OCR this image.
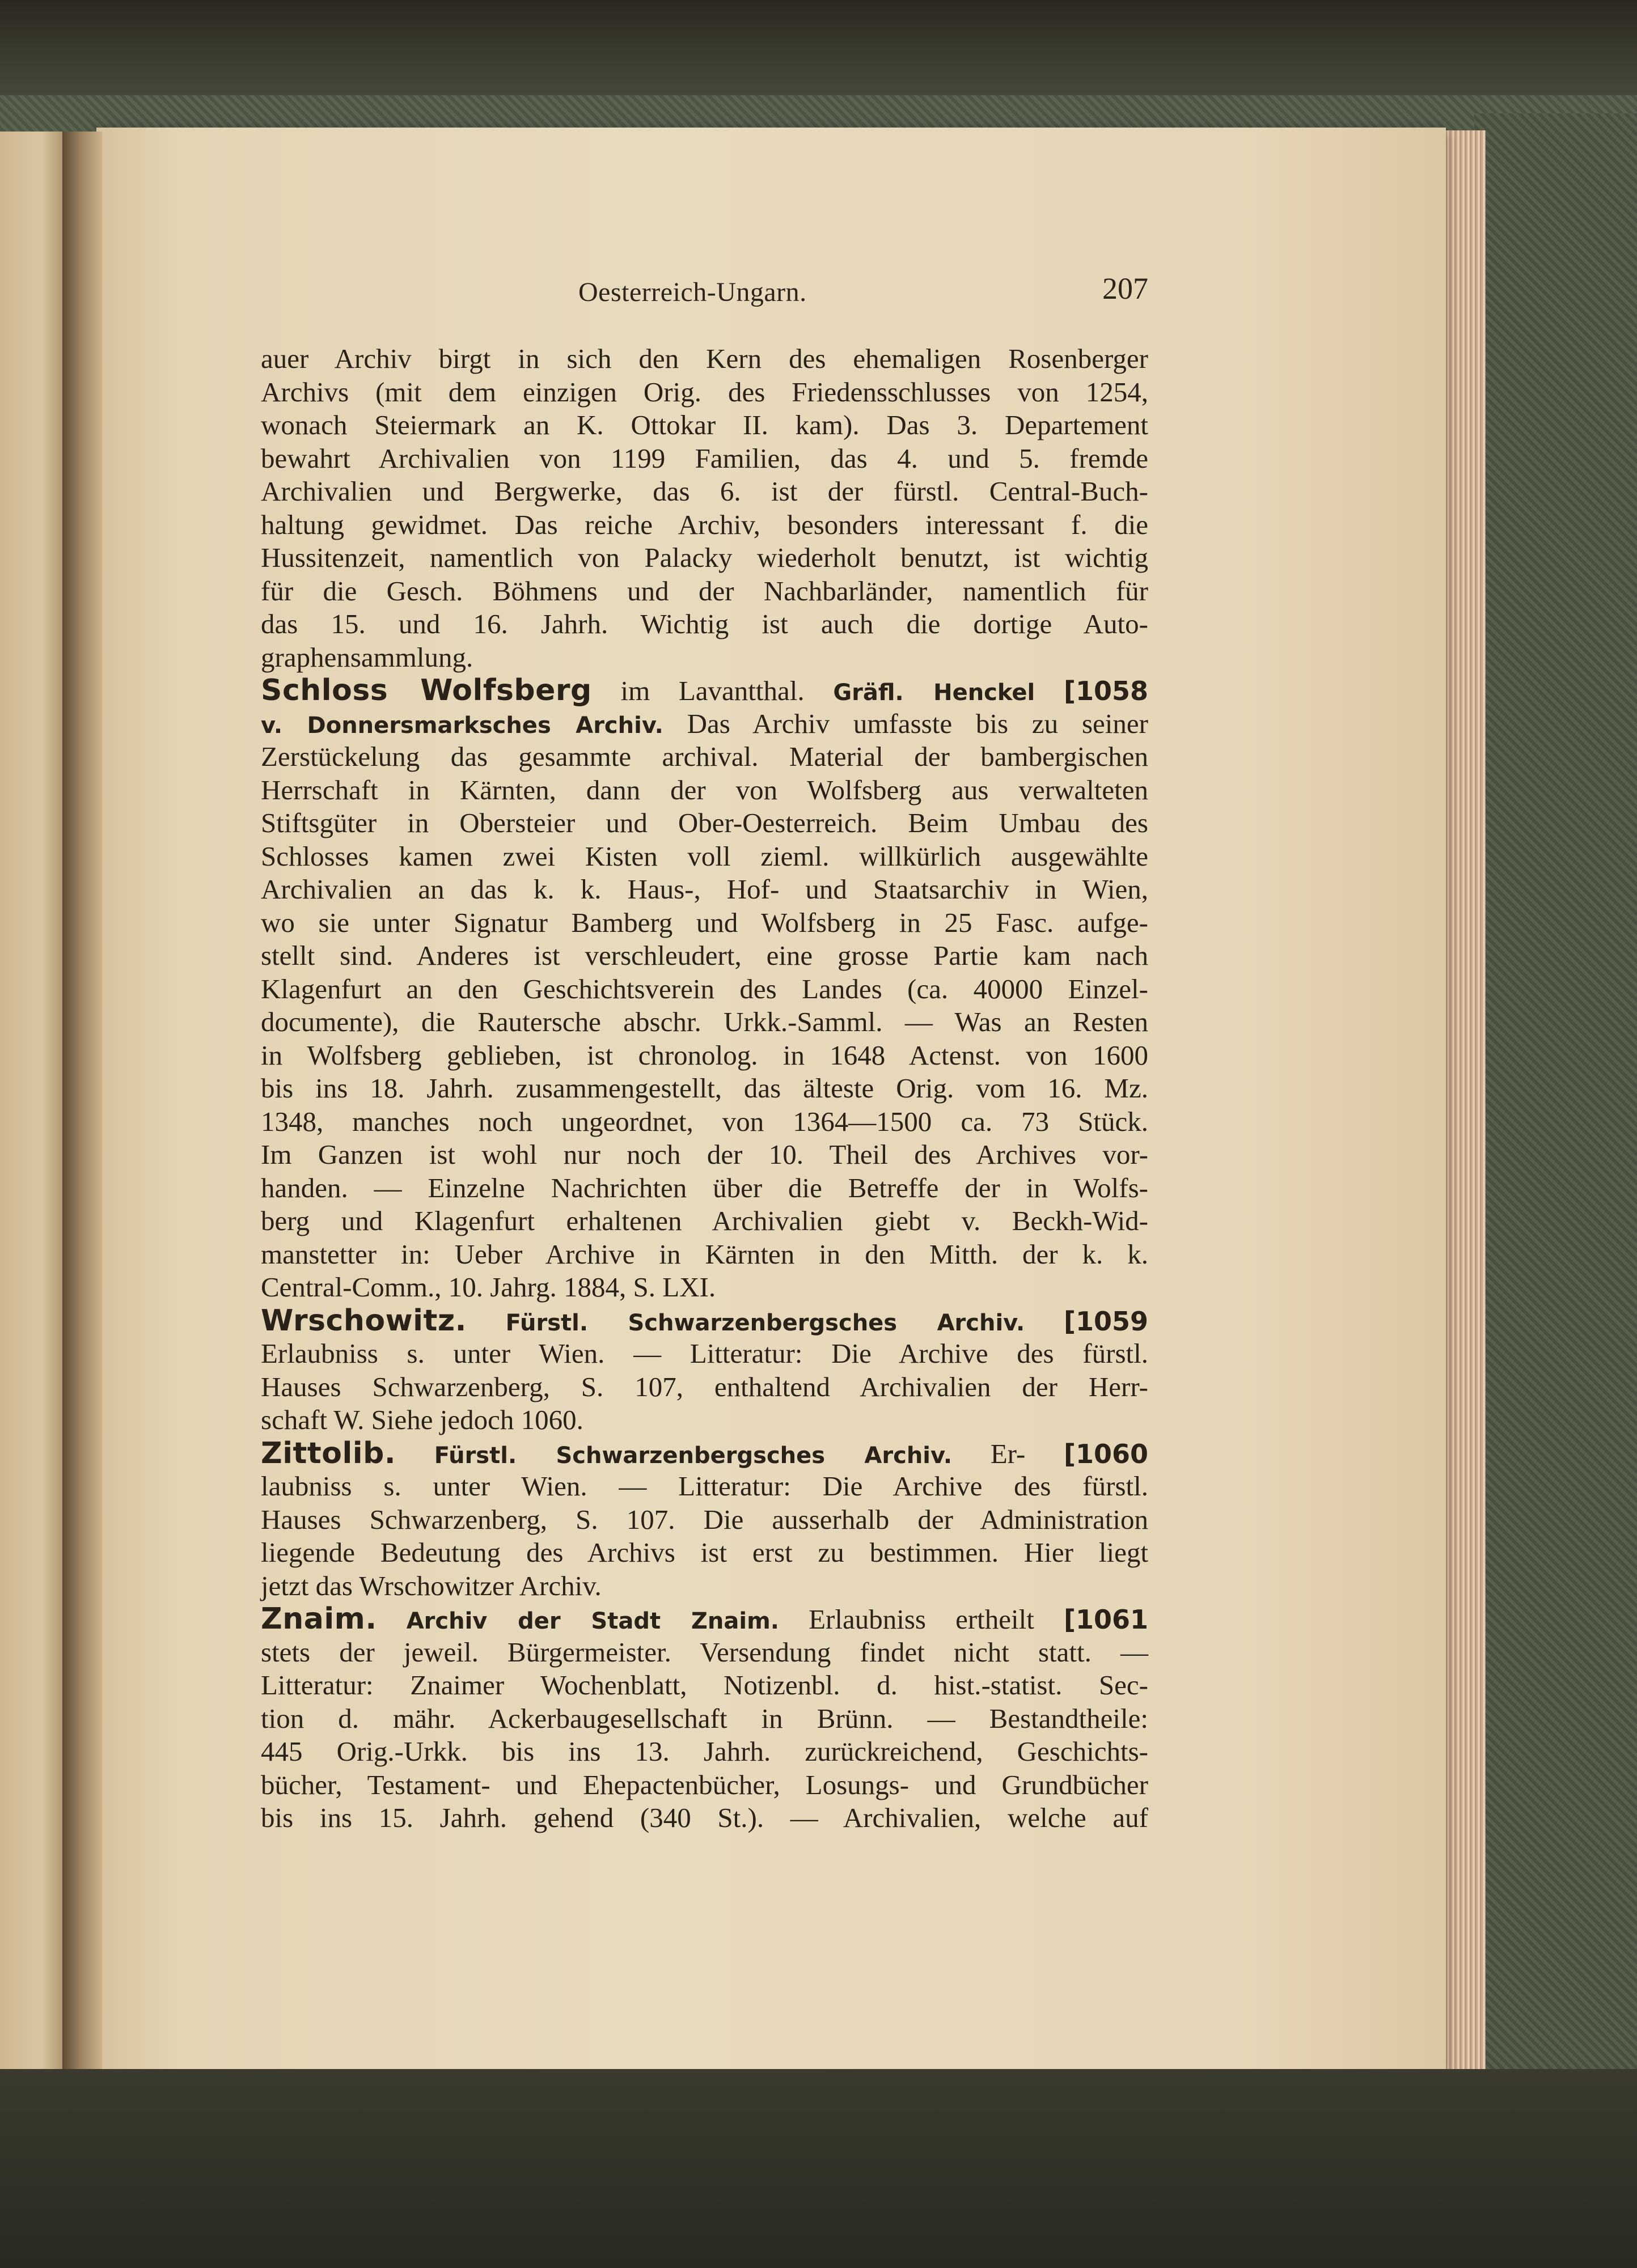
Oesterreich-Ungarn.	207
auer Archiv birgt in sich den Kern des ehemaligen Rosenberger
Archivs (mit dem einzigen Orig. des Friedensschlusses von 1254,
wonach Steiermark an K. Ottokar II. kam). Das 3. Departement
bewahrt Archivalien von 1199 Familien, das 4. und 5. fremde
Archivalien und Bergwerke, das 6. ist der fürstl. Central-Buch-
haltung gewidmet. Das reiche Archiv, besonders interessant f. die
Hussitenzeit, namentlich von Palacky wiederholt benutzt, ist wichtig
für die Gesch. Böhmens und der Nachbarländer, namentlich für
das 15. und 16. Jahrh. Wichtig ist auch die dortige Auto-
graphensammlung.
Schloss Wolfsberg im Lavantthal. Gräfl. Henckel [1058
v. Donnersmarksches Archiv. Das Archiv umfasste bis zu seiner
Zerstückelung das gesammte archival. Material der bambergischen
Herrschaft in Kärnten, dann der von Wolfsberg aus verwalteten
Stiftsgüter in Obersteier und Ober-Oesterreich. Beim Umbau des
Schlosses kamen zwei Kisten voll zieml. willkürlich ausgewählte
Archivalien an das k. k. Haus-, Hof- und Staatsarchiv in Wien,
wo sie unter Signatur Bamberg und Wolfsberg in 25 Fasc. aufge-
stellt sind. Anderes ist verschleudert, eine grosse Partie kam nach
Klagenfurt an den Geschichtsverein des Landes (ca. 40000 Einzel-
documente), die Rautersche abschr. Urkk.-Samml. — Was an Resten
in Wolfsberg geblieben, ist chronolog. in 1648 Actenst. von 1600
bis ins 18. Jahrh. zusammengestellt, das älteste Orig. vom 16. Mz.
1348, manches noch ungeordnet, von 1364—1500 ca. 73 Stück.
Im Ganzen ist wohl nur noch der 10. Theil des Archives vor-
handen. — Einzelne Nachrichten über die Betreffe der in Wolfs-
berg und Klagenfurt erhaltenen Archivalien giebt v. Beckh-Wid-
manstetter in: Ueber Archive in Kärnten in den Mitth. der k. k.
Central-Comm., 10. Jahrg. 1884, S. LXI.
Wrschowitz. Fürstl. Schwarzenbergsches Archiv. [1059
Erlaubniss s. unter Wien. — Litteratur: Die Archive des fürstl.
Hauses Schwarzenberg, S. 107, enthaltend Archivalien der Herr-
schaft W. Siehe jedoch 1060.
Zittolib. Fürstl. Schwarzenbergsches Archiv. Er- [1060
laubniss s. unter Wien. — Litteratur: Die Archive des fürstl.
Hauses Schwarzenberg, S. 107. Die ausserhalb der Administration
liegende Bedeutung des Archivs ist erst zu bestimmen. Hier liegt
jetzt das Wrschowitzer Archiv.
Znaim. Archiv der Stadt Znaim. Erlaubniss ertheilt [1061
stets der jeweil. Bürgermeister. Versendung findet nicht statt. —
Litteratur: Znaimer Wochenblatt, Notizenbl. d. hist.-statist. Sec-
tion d. mähr. Ackerbaugesellschaft in Brünn. — Bestandtheile:
445 Orig.-Urkk. bis ins 13. Jahrh. zurückreichend, Geschichts-
bücher, Testament- und Ehepactenbücher, Losungs- und Grundbücher
bis ins 15. Jahrh. gehend (340 St.). — Archivalien, welche auf
